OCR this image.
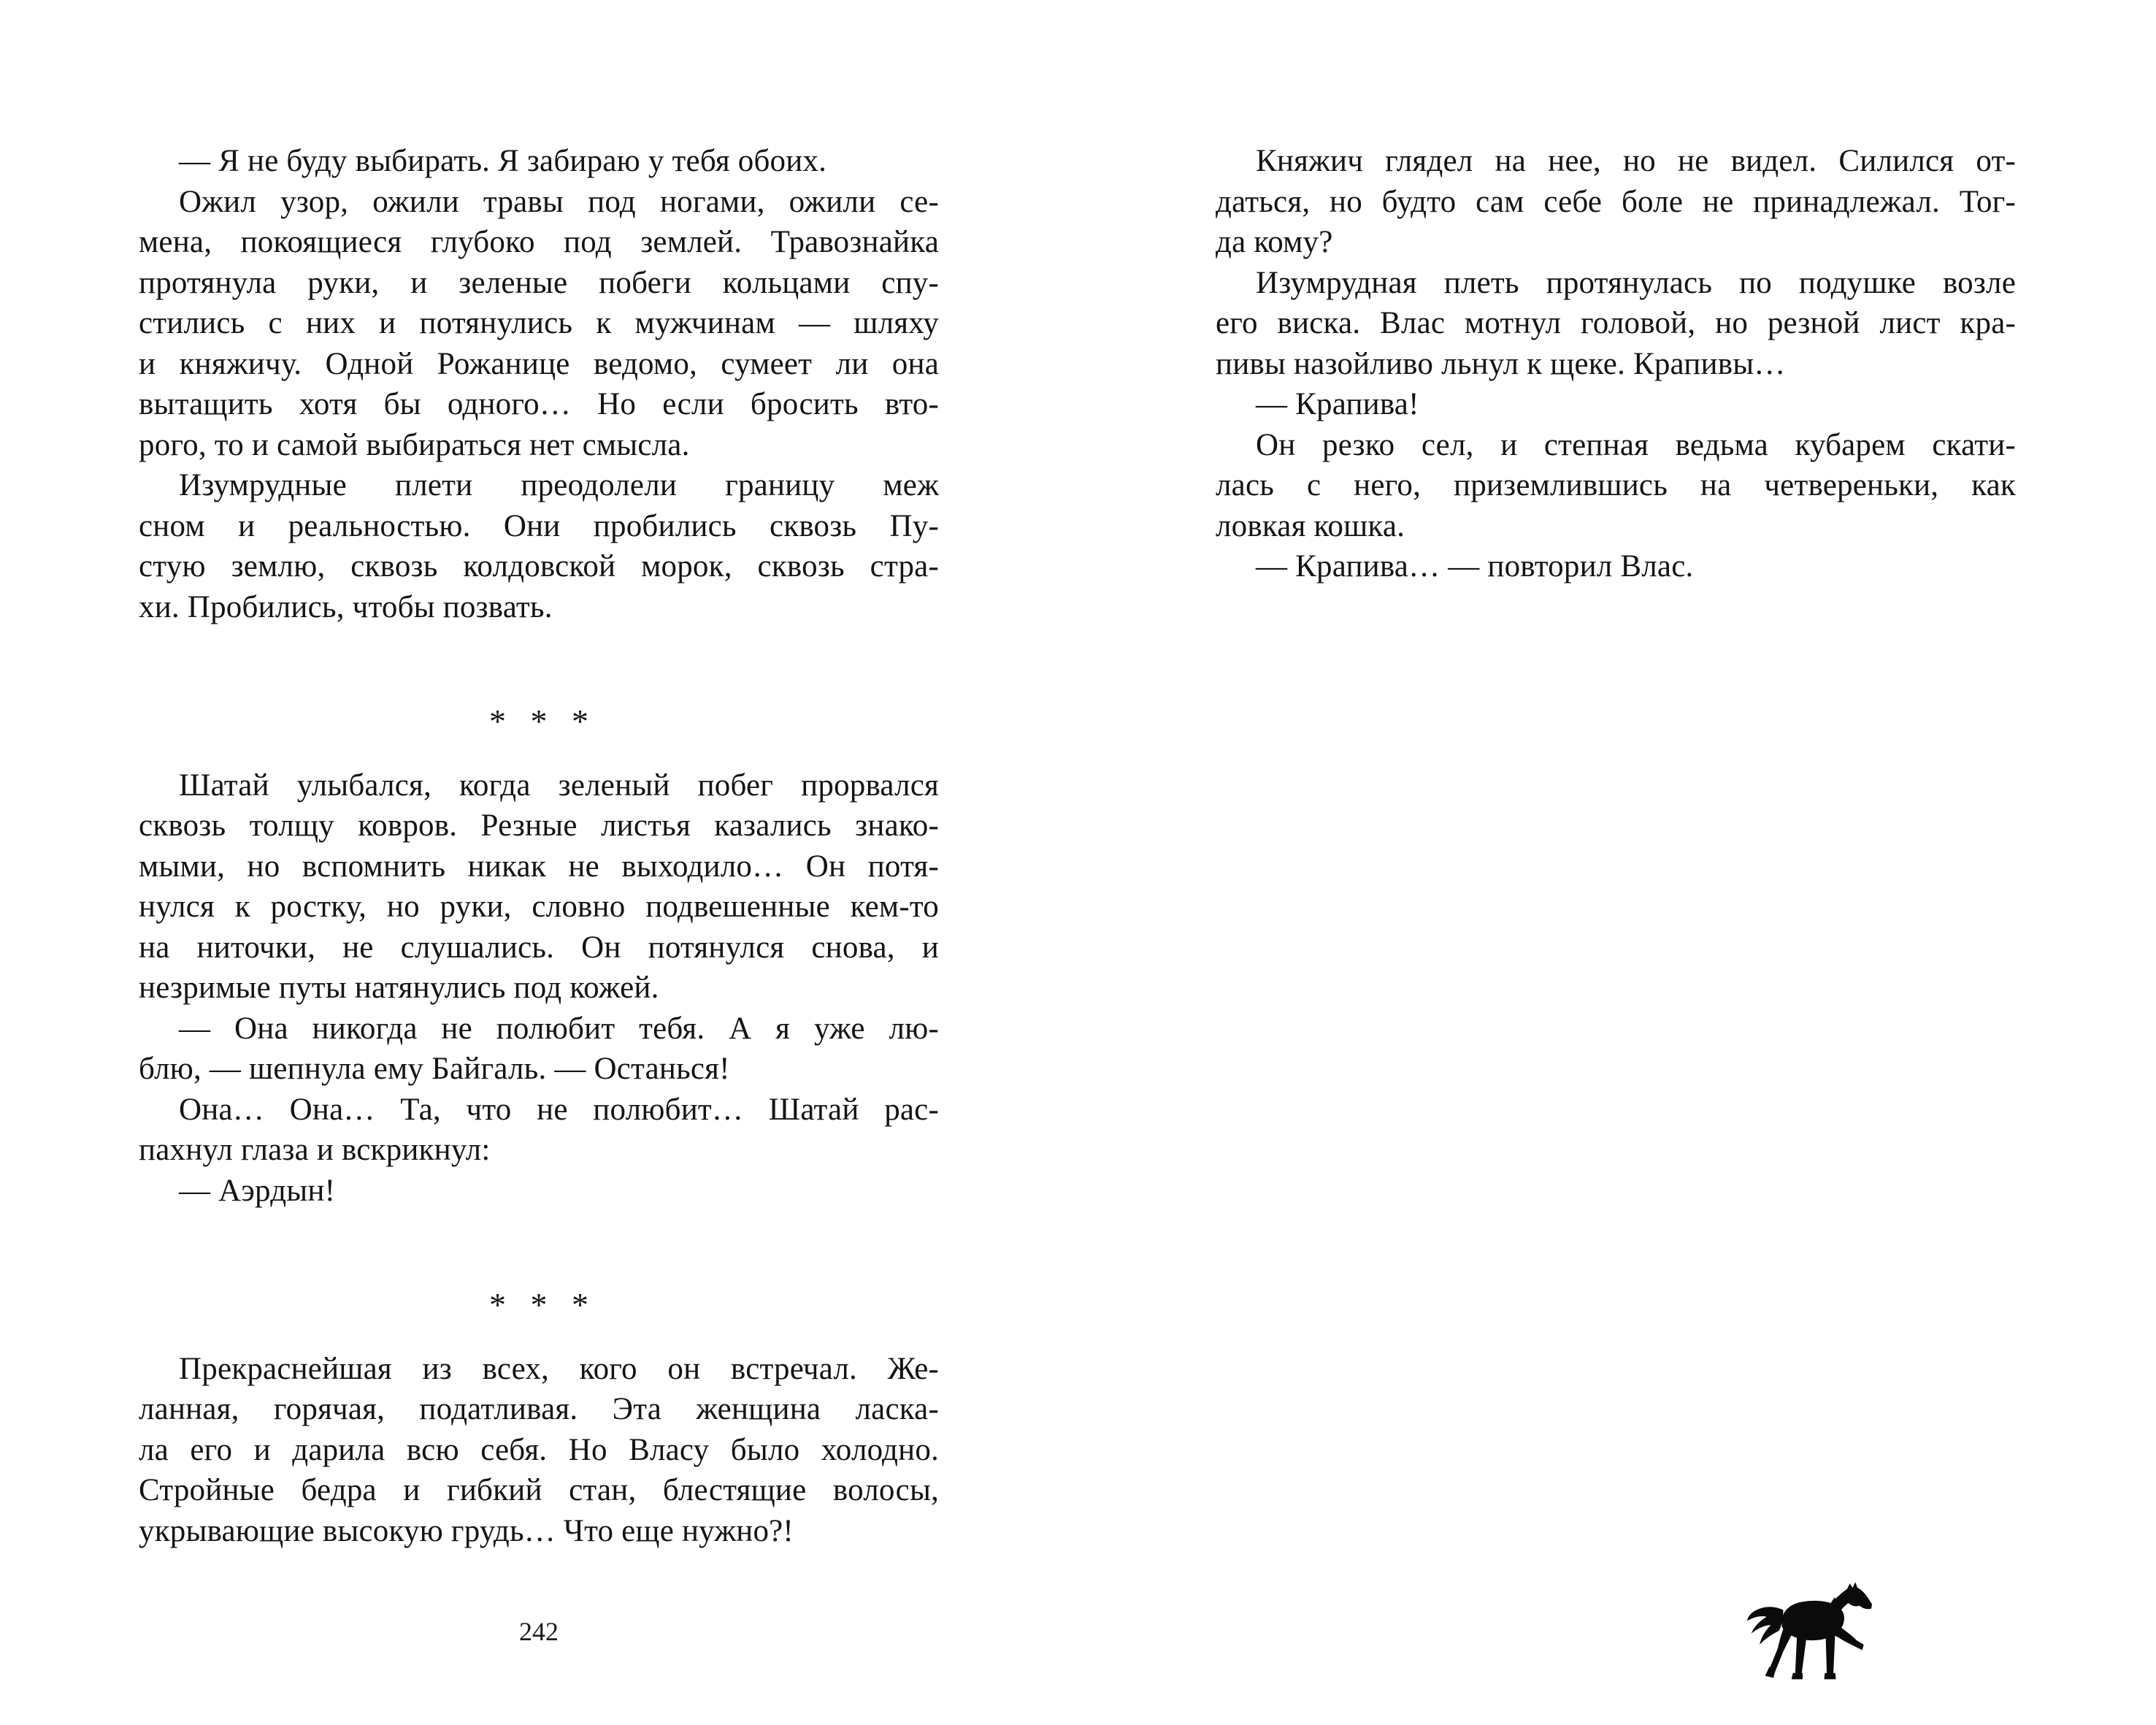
— Я не буду выбирать. Я забираю у тебя обоих.
Ожил узор, ожили травы под ногами, ожили се-
мена, покоящиеся глубоко под землей. Травознайка
протянула руки, и зеленые побеги кольцами спу-
стились с них и потянулись к мужчинам — шляху
и княжичу. Одной Рожанице ведомо, сумеет ли она
вытащить хотя бы одного… Но если бросить вто-
рого, то и самой выбираться нет смысла.
Изумрудные плети преодолели границу меж
сном и реальностью. Они пробились сквозь Пу-
стую землю, сквозь колдовской морок, сквозь стра-
хи. Пробились, чтобы позвать.
* * *
Шатай улыбался, когда зеленый побег прорвался
сквозь толщу ковров. Резные листья казались знако-
мыми, но вспомнить никак не выходило… Он потя-
нулся к ростку, но руки, словно подвешенные кем-то
на ниточки, не слушались. Он потянулся снова, и
незримые путы натянулись под кожей.
— Она никогда не полюбит тебя. А я уже лю-
блю, — шепнула ему Байгаль. — Останься!
Она… Она… Та, что не полюбит… Шатай рас-
пахнул глаза и вскрикнул:
— Аэрдын!
* * *
Прекраснейшая из всех, кого он встречал. Же-
ланная, горячая, податливая. Эта женщина ласка-
ла его и дарила всю себя. Но Власу было холодно.
Стройные бедра и гибкий стан, блестящие волосы,
укрывающие высокую грудь… Что еще нужно?!
Княжич глядел на нее, но не видел. Силился от-
даться, но будто сам себе боле не принадлежал. Тог-
да кому?
Изумрудная плеть протянулась по подушке возле
его виска. Влас мотнул головой, но резной лист кра-
пивы назойливо льнул к щеке. Крапивы…
— Крапива!
Он резко сел, и степная ведьма кубарем скати-
лась с него, приземлившись на четвереньки, как
ловкая кошка.
— Крапива… — повторил Влас.
242
